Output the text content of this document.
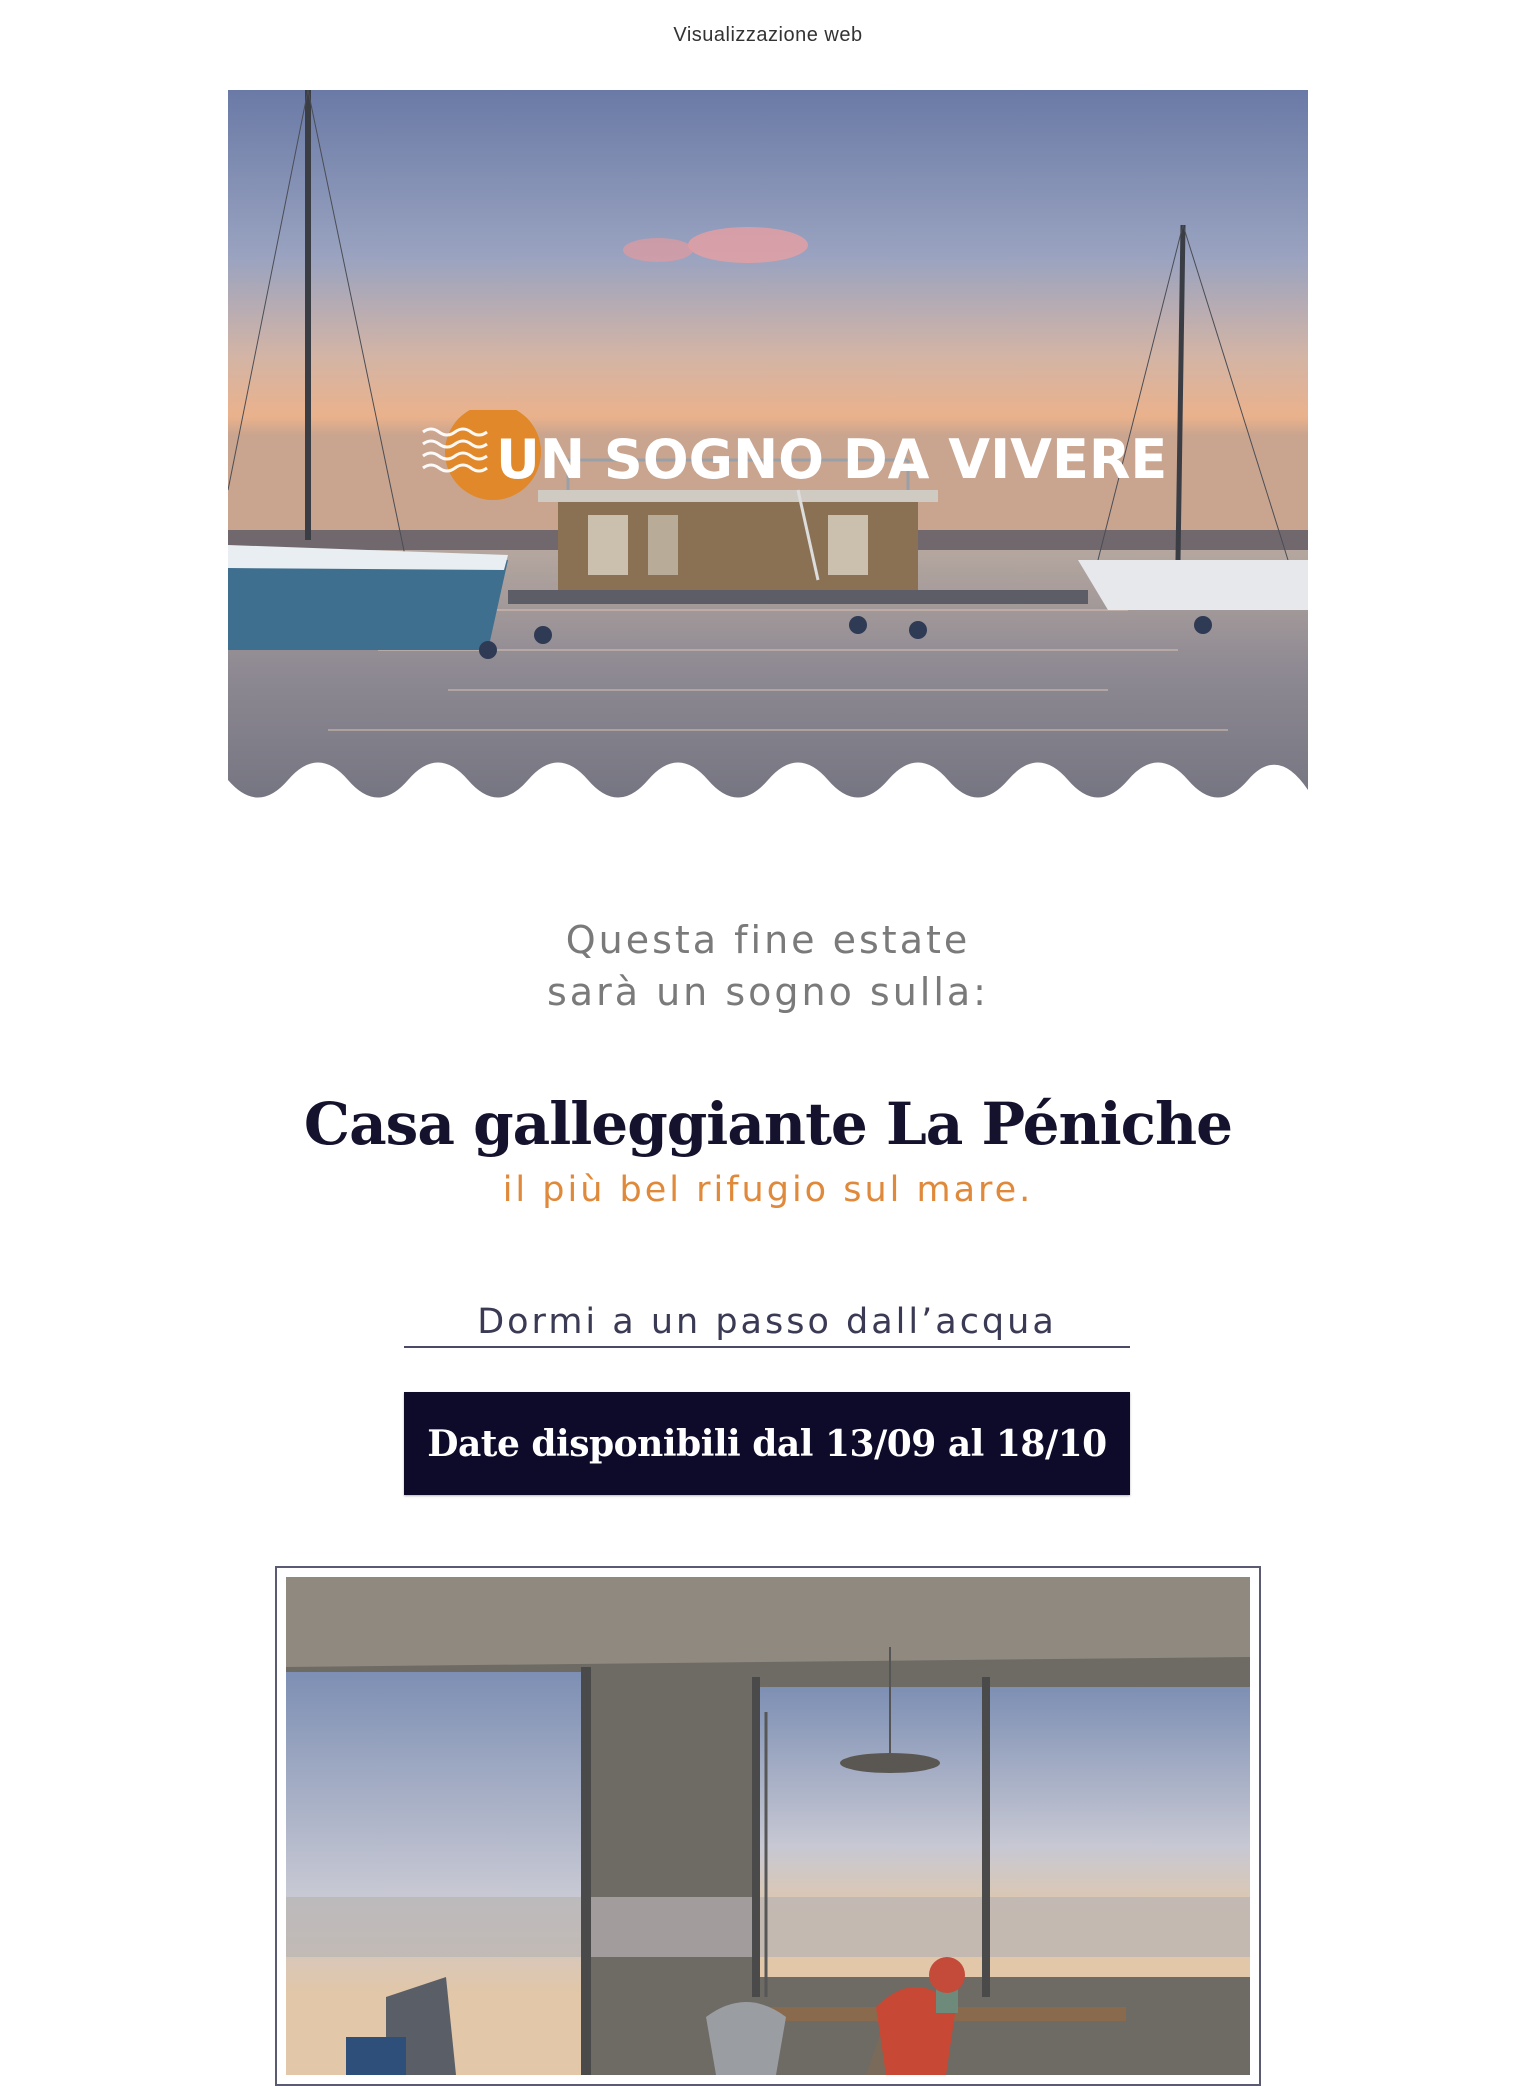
Visualizzazione web
UN SOGNO DA VIVERE
Questa fine estate
sarà un sogno sulla:
Casa galleggiante La Péniche
il più bel rifugio sul mare.
Dormi a un passo dall’acqua
Date disponibili dal 13/09 al 18/10
